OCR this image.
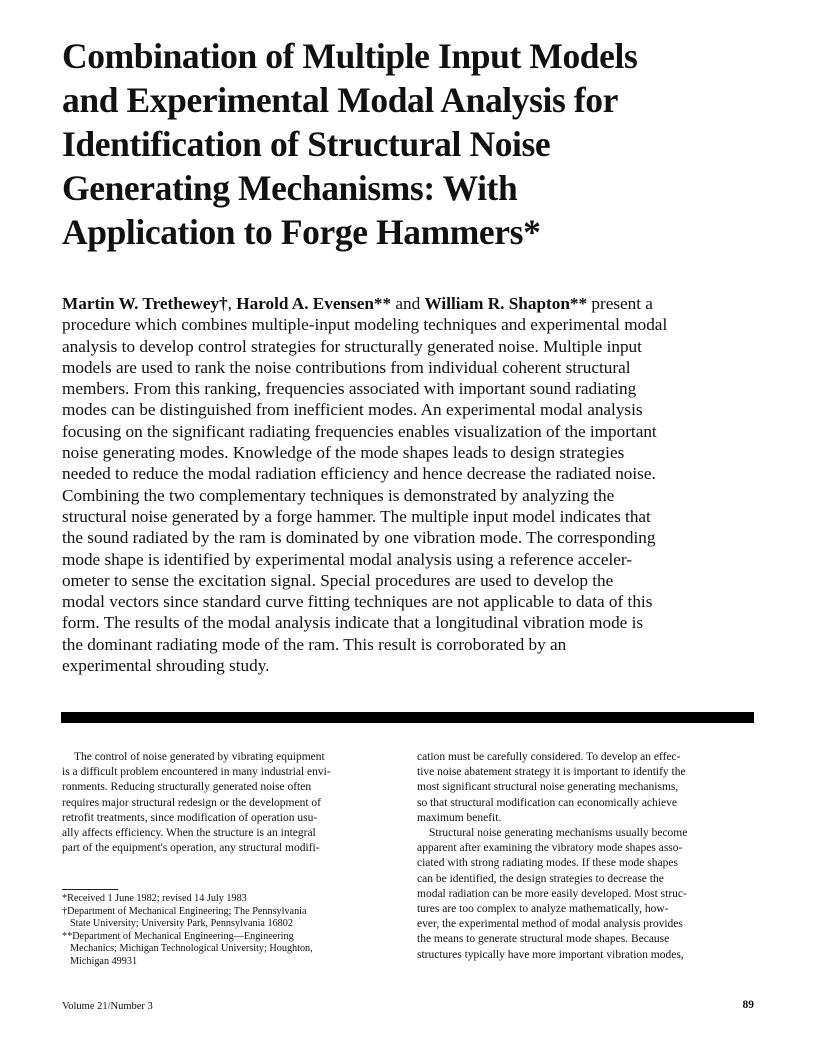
Combination of Multiple Input Models
and Experimental Modal Analysis for
Identification of Structural Noise
Generating Mechanisms: With
Application to Forge Hammers*
Martin W. Trethewey†, Harold A. Evensen** and William R. Shapton** present a
procedure which combines multiple-input modeling techniques and experimental modal
analysis to develop control strategies for structurally generated noise. Multiple input
models are used to rank the noise contributions from individual coherent structural
members. From this ranking, frequencies associated with important sound radiating
modes can be distinguished from inefficient modes. An experimental modal analysis
focusing on the significant radiating frequencies enables visualization of the important
noise generating modes. Knowledge of the mode shapes leads to design strategies
needed to reduce the modal radiation efficiency and hence decrease the radiated noise.
Combining the two complementary techniques is demonstrated by analyzing the
structural noise generated by a forge hammer. The multiple input model indicates that
the sound radiated by the ram is dominated by one vibration mode. The corresponding
mode shape is identified by experimental modal analysis using a reference acceler-
ometer to sense the excitation signal. Special procedures are used to develop the
modal vectors since standard curve fitting techniques are not applicable to data of this
form. The results of the modal analysis indicate that a longitudinal vibration mode is
the dominant radiating mode of the ram. This result is corroborated by an
experimental shrouding study.
The control of noise generated by vibrating equipment
is a difficult problem encountered in many industrial envi-
ronments. Reducing structurally generated noise often
requires major structural redesign or the development of
retrofit treatments, since modification of operation usu-
ally affects efficiency. When the structure is an integral
part of the equipment's operation, any structural modifi-
*Received 1 June 1982; revised 14 July 1983
†Department of Mechanical Engineering; The Pennsylvania
State University; University Park, Pennsylvania 16802
**Department of Mechanical Engineering—Engineering
Mechanics; Michigan Technological University; Houghton,
Michigan 49931
cation must be carefully considered. To develop an effec-
tive noise abatement strategy it is important to identify the
most significant structural noise generating mechanisms,
so that structural modification can economically achieve
maximum benefit.
Structural noise generating mechanisms usually become
apparent after examining the vibratory mode shapes asso-
ciated with strong radiating modes. If these mode shapes
can be identified, the design strategies to decrease the
modal radiation can be more easily developed. Most struc-
tures are too complex to analyze mathematically, how-
ever, the experimental method of modal analysis provides
the means to generate structural mode shapes. Because
structures typically have more important vibration modes,
Volume 21/Number 3	89
